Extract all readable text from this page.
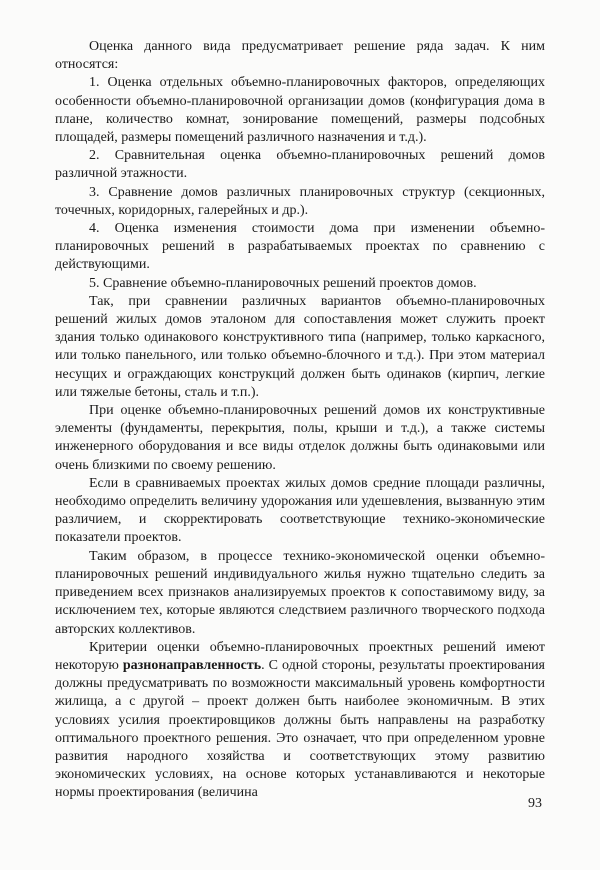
Оценка данного вида предусматривает решение ряда задач. К ним относятся:

1. Оценка отдельных объемно-планировочных факторов, определяющих особенности объемно-планировочной организации домов (конфигурация дома в плане, количество комнат, зонирование помещений, размеры подсобных площадей, размеры помещений различного назначения и т.д.).

2. Сравнительная оценка объемно-планировочных решений домов различной этажности.

3. Сравнение домов различных планировочных структур (секционных, точечных, коридорных, галерейных и др.).

4. Оценка изменения стоимости дома при изменении объемно-планировочных решений в разрабатываемых проектах по сравнению с действующими.

5. Сравнение объемно-планировочных решений проектов домов.

Так, при сравнении различных вариантов объемно-планировочных решений жилых домов эталоном для сопоставления может служить проект здания только одинакового конструктивного типа (например, только каркасного, или только панельного, или только объемно-блочного и т.д.). При этом материал несущих и ограждающих конструкций должен быть одинаков (кирпич, легкие или тяжелые бетоны, сталь и т.п.).

При оценке объемно-планировочных решений домов их конструктивные элементы (фундаменты, перекрытия, полы, крыши и т.д.), а также системы инженерного оборудования и все виды отделок должны быть одинаковыми или очень близкими по своему решению.

Если в сравниваемых проектах жилых домов средние площади различны, необходимо определить величину удорожания или удешевления, вызванную этим различием, и скорректировать соответствующие технико-экономические показатели проектов.

Таким образом, в процессе технико-экономической оценки объемно-планировочных решений индивидуального жилья нужно тщательно следить за приведением всех признаков анализируемых проектов к сопоставимому виду, за исключением тех, которые являются следствием различного творческого подхода авторских коллективов.

Критерии оценки объемно-планировочных проектных решений имеют некоторую разнонаправленность. С одной стороны, результаты проектирования должны предусматривать по возможности максимальный уровень комфортности жилища, а с другой – проект должен быть наиболее экономичным. В этих условиях усилия проектировщиков должны быть направлены на разработку оптимального проектного решения. Это означает, что при определенном уровне развития народного хозяйства и соответствующих этому развитию экономических условиях, на основе которых устанавливаются и некоторые нормы проектирования (величина

93
